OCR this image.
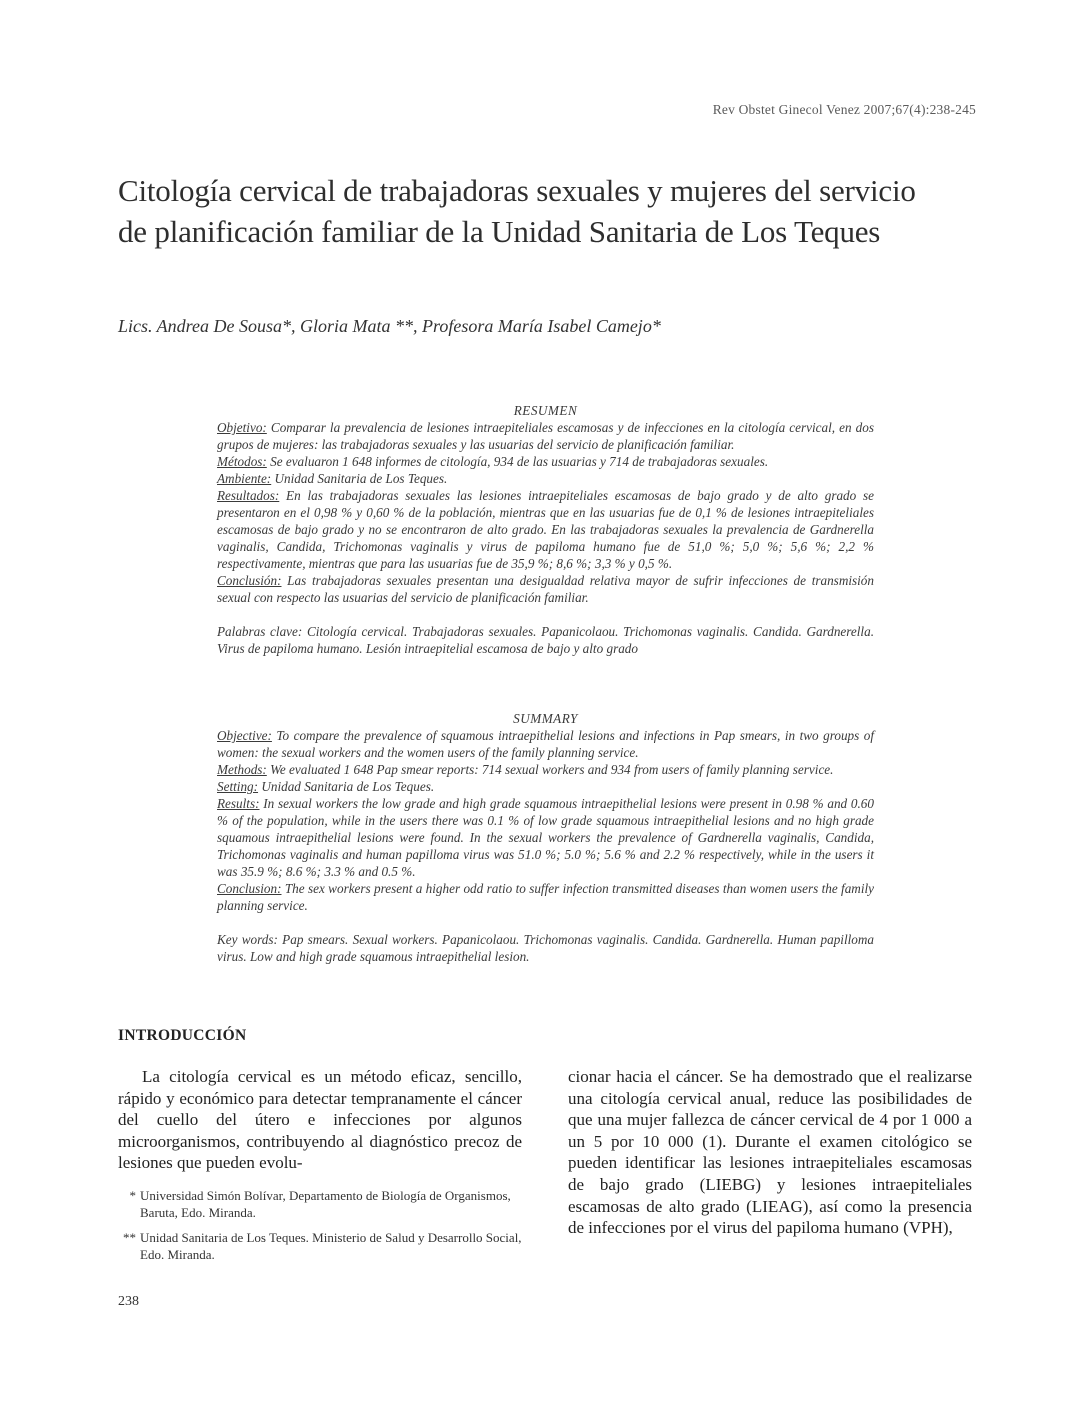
Rev Obstet Ginecol Venez 2007;67(4):238-245
Citología cervical de trabajadoras sexuales y mujeres del servicio de planificación familiar de la Unidad Sanitaria de Los Teques

Lics. Andrea De Sousa*, Gloria Mata **, Profesora María Isabel Camejo*

RESUMEN

Objetivo: Comparar la prevalencia de lesiones intraepiteliales escamosas y de infecciones en la citología cervical, en dos grupos de mujeres: las trabajadoras sexuales y las usuarias del servicio de planificación familiar.

Métodos: Se evaluaron 1 648 informes de citología, 934 de las usuarias y 714 de trabajadoras sexuales.

Ambiente: Unidad Sanitaria de Los Teques.

Resultados: En las trabajadoras sexuales las lesiones intraepiteliales escamosas de bajo grado y de alto grado se presentaron en el 0,98 % y 0,60 % de la población, mientras que en las usuarias fue de 0,1 % de lesiones intraepiteliales escamosas de bajo grado y no se encontraron de alto grado. En las trabajadoras sexuales la prevalencia de Gardnerella vaginalis, Candida, Trichomonas vaginalis y virus de papiloma humano fue de 51,0 %; 5,0 %; 5,6 %; 2,2 % respectivamente, mientras que para las usuarias fue de 35,9 %; 8,6 %; 3,3 % y 0,5 %.

Conclusión: Las trabajadoras sexuales presentan una desigualdad relativa mayor de sufrir infecciones de transmisión sexual con respecto las usuarias del servicio de planificación familiar.

Palabras clave: Citología cervical. Trabajadoras sexuales. Papanicolaou. Trichomonas vaginalis. Candida. Gardnerella. Virus de papiloma humano. Lesión intraepitelial escamosa de bajo y alto grado

SUMMARY

Objective: To compare the prevalence of squamous intraepithelial lesions and infections in Pap smears, in two groups of women: the sexual workers and the women users of the family planning service.

Methods: We evaluated 1 648 Pap smear reports: 714 sexual workers and 934 from users of family planning service.

Setting: Unidad Sanitaria de Los Teques.

Results: In sexual workers the low grade and high grade squamous intraepithelial lesions were present in 0.98 % and 0.60 % of the population, while in the users there was 0.1 % of low grade squamous intraepithelial lesions and no high grade squamous intraepithelial lesions were found. In the sexual workers the prevalence of Gardnerella vaginalis, Candida, Trichomonas vaginalis and human papilloma virus was 51.0 %; 5.0 %; 5.6 % and 2.2 % respectively, while in the users it was 35.9 %; 8.6 %; 3.3 % and 0.5 %.

Conclusion: The sex workers present a higher odd ratio to suffer infection transmitted diseases than women users the family planning service.

Key words: Pap smears. Sexual workers. Papanicolaou. Trichomonas vaginalis. Candida. Gardnerella. Human papilloma virus. Low and high grade squamous intraepithelial lesion.

INTRODUCCIÓN

La citología cervical es un método eficaz, sencillo, rápido y económico para detectar tempranamente el cáncer del cuello del útero e infecciones por algunos microorganismos, contribuyendo al diagnóstico precoz de lesiones que pueden evolu-

cionar hacia el cáncer. Se ha demostrado que el realizarse una citología cervical anual, reduce las posibilidades de que una mujer fallezca de cáncer cervical de 4 por 1 000 a un 5 por 10 000 (1). Durante el examen citológico se pueden identificar las lesiones intraepiteliales escamosas de bajo grado (LIEBG) y lesiones intraepiteliales escamosas de alto grado (LIEAG), así como la presencia de infecciones por el virus del papiloma humano (VPH),

* Universidad Simón Bolívar, Departamento de Biología de Organismos, Baruta, Edo. Miranda.
** Unidad Sanitaria de Los Teques. Ministerio de Salud y Desarrollo Social, Edo. Miranda.
238
